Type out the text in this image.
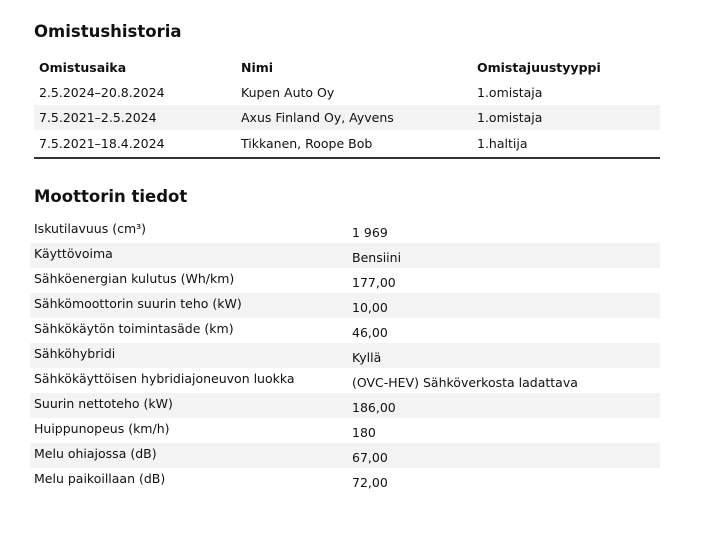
Omistushistoria
Omistusaika	Nimi	Omistajuustyyppi
2.5.2024–20.8.2024	Kupen Auto Oy	1.omistaja
7.5.2021–2.5.2024	Axus Finland Oy, Ayvens	1.omistaja
7.5.2021–18.4.2024	Tikkanen, Roope Bob	1.haltija
Moottorin tiedot
Iskutilavuus (cm³)	1 969
Käyttövoima	Bensiini
Sähköenergian kulutus (Wh/km)	177,00
Sähkömoottorin suurin teho (kW)	10,00
Sähkökäytön toimintasäde (km)	46,00
Sähköhybridi	Kyllä
Sähkökäyttöisen hybridiajoneuvon luokka	(OVC-HEV) Sähköverkosta ladattava
Suurin nettoteho (kW)	186,00
Huippunopeus (km/h)	180
Melu ohiajossa (dB)	67,00
Melu paikoillaan (dB)	72,00
